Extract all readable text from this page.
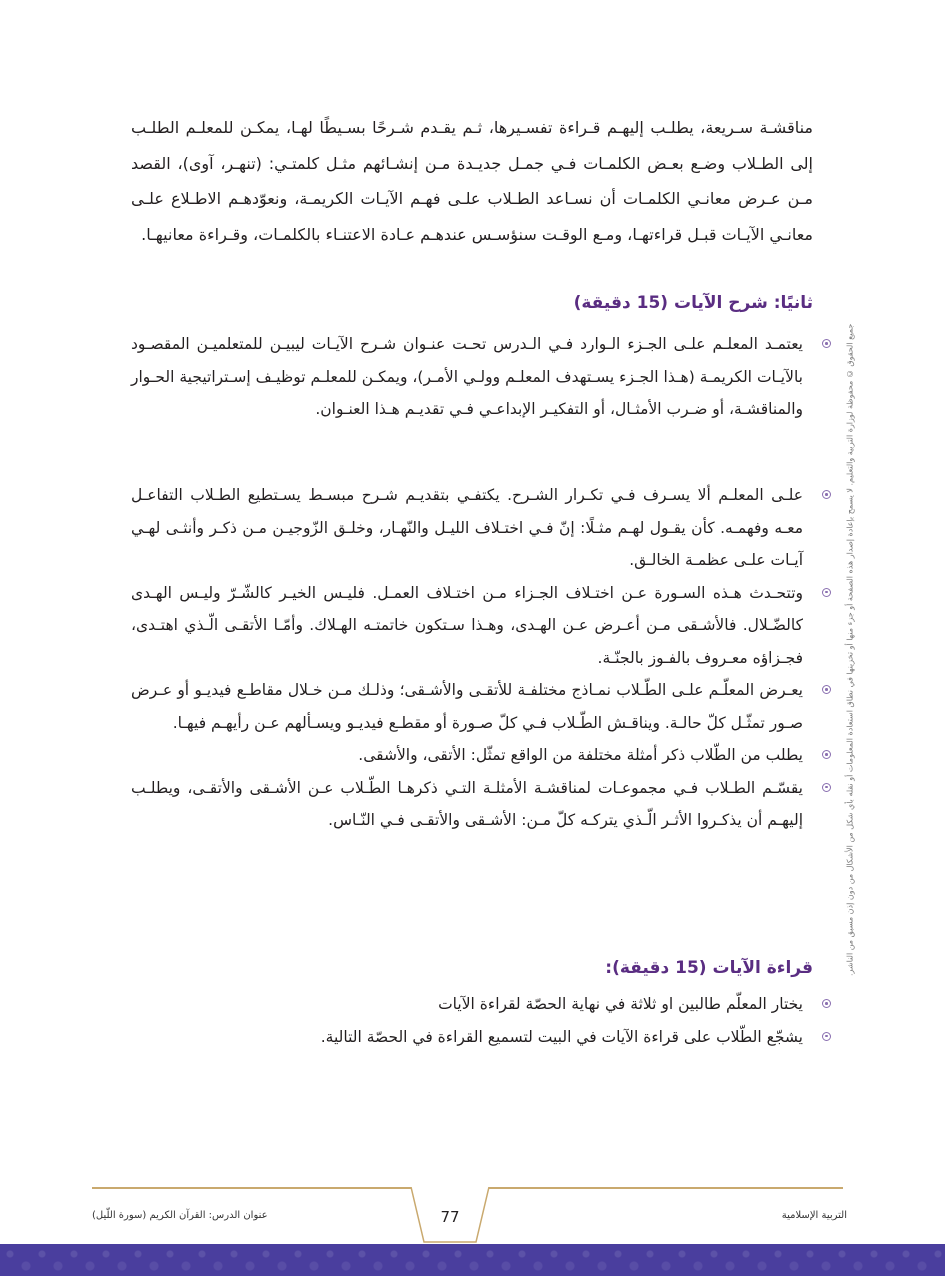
مناقشـة سـريعة، يطلـب إليهـم قـراءة تفسـيرها، ثـم يقـدم شـرحًا بسـيطًا لهـا، يمكـن للمعلـم الطلـب

إلى الطـلاب وضـع بعـض الكلمـات فـي جمـل جديـدة مـن إنشـائهم مثـل كلمتـي: (تنهـر، آوى)، القصد

مـن عـرض معانـي الكلمـات أن نسـاعد الطـلاب علـى فهـم الآيـات الكريمـة، ونعوّدهـم الاطـلاع علـى

معانـي الآيـات قبـل قراءتهـا، ومـع الوقـت سنؤسـس عندهـم عـادة الاعتنـاء بالكلمـات، وقـراءة معانيهـا.

ثانيًا: شرح الآيات (15 دقيقة)
يعتمـد المعلـم علـى الجـزء الـوارد فـي الـدرس تحـت عنـوان شـرح الآيـات ليبيـن للمتعلميـن المقصـود بالآيـات الكريمـة (هـذا الجـزء يسـتهدف المعلـم وولـي الأمـر)، ويمكـن للمعلـم توظيـف إسـتراتيجية الحـوار والمناقشـة، أو ضـرب الأمثـال، أو التفكيـر الإبداعـي فـي تقديـم هـذا العنـوان.
علـى المعلـم ألا يسـرف فـي تكـرار الشـرح. يكتفـي بتقديـم شـرح مبسـط يسـتطيع الطـلاب التفاعـل معـه وفهمـه. كأن يقـول لهـم مثـلًا: إنّ فـي اختـلاف الليـل والنّهـار، وخلـق الزّوجيـن مـن ذكـر وأنثـى لهـي آيـات علـى عظمـة الخالـق.
وتتحـدث هـذه السـورة عـن اختـلاف الجـزاء مـن اختـلاف العمـل. فليـس الخيـر كالشّـرّ وليـس الهـدى كالضّـلال. فالأشـقى مـن أعـرض عـن الهـدى، وهـذا سـتكون خاتمتـه الهـلاك. وأمّـا الأتقـى الّـذي اهتـدى، فجـزاؤه معـروف بالفـوز بالجنّـة.
يعـرض المعلّـم علـى الطّـلاب نمـاذج مختلفـة للأتقـى والأشـقى؛ وذلـك مـن خـلال مقاطـع فيديـو أو عـرض صـور تمثّـل كلّ حالـة. ويناقـش الطّـلاب فـي كلّ صـورة أو مقطـع فيديـو ويسـألهم عـن رأيهـم فيهـا.
يطلب من الطّلاب ذكر أمثلة مختلفة من الواقع تمثّل: الأتقى، والأشقى.
يقسّـم الطـلاب فـي مجموعـات لمناقشـة الأمثلـة التـي ذكرهـا الطّـلاب عـن الأشـقى والأتقـى، ويطلـب إليهـم أن يذكـروا الأثـر الّـذي يتركـه كلّ مـن: الأشـقى والأتقـى فـي النّـاس.
قراءة الآيات (15 دقيقة):
يختار المعلّم طالبين او ثلاثة في نهاية الحصّة لقراءة الآيات
يشجّع الطّلاب على قراءة الآيات في البيت لتسميع القراءة في الحصّة التالية.
جميع الحقوق © محفوظة لوزارة التربية والتعليم. لا يسمح بإعادة إصدار هذه الصفحة أو جزء منها أو تخزينها في نطاق استعادة المعلومات أو نقله بأي شكل من الأشكال من دون إذن مسبق من الناشر.
77
عنوان الدرس: القرآن الكريم (سورة اللّيل)	التربية الإسلامية
